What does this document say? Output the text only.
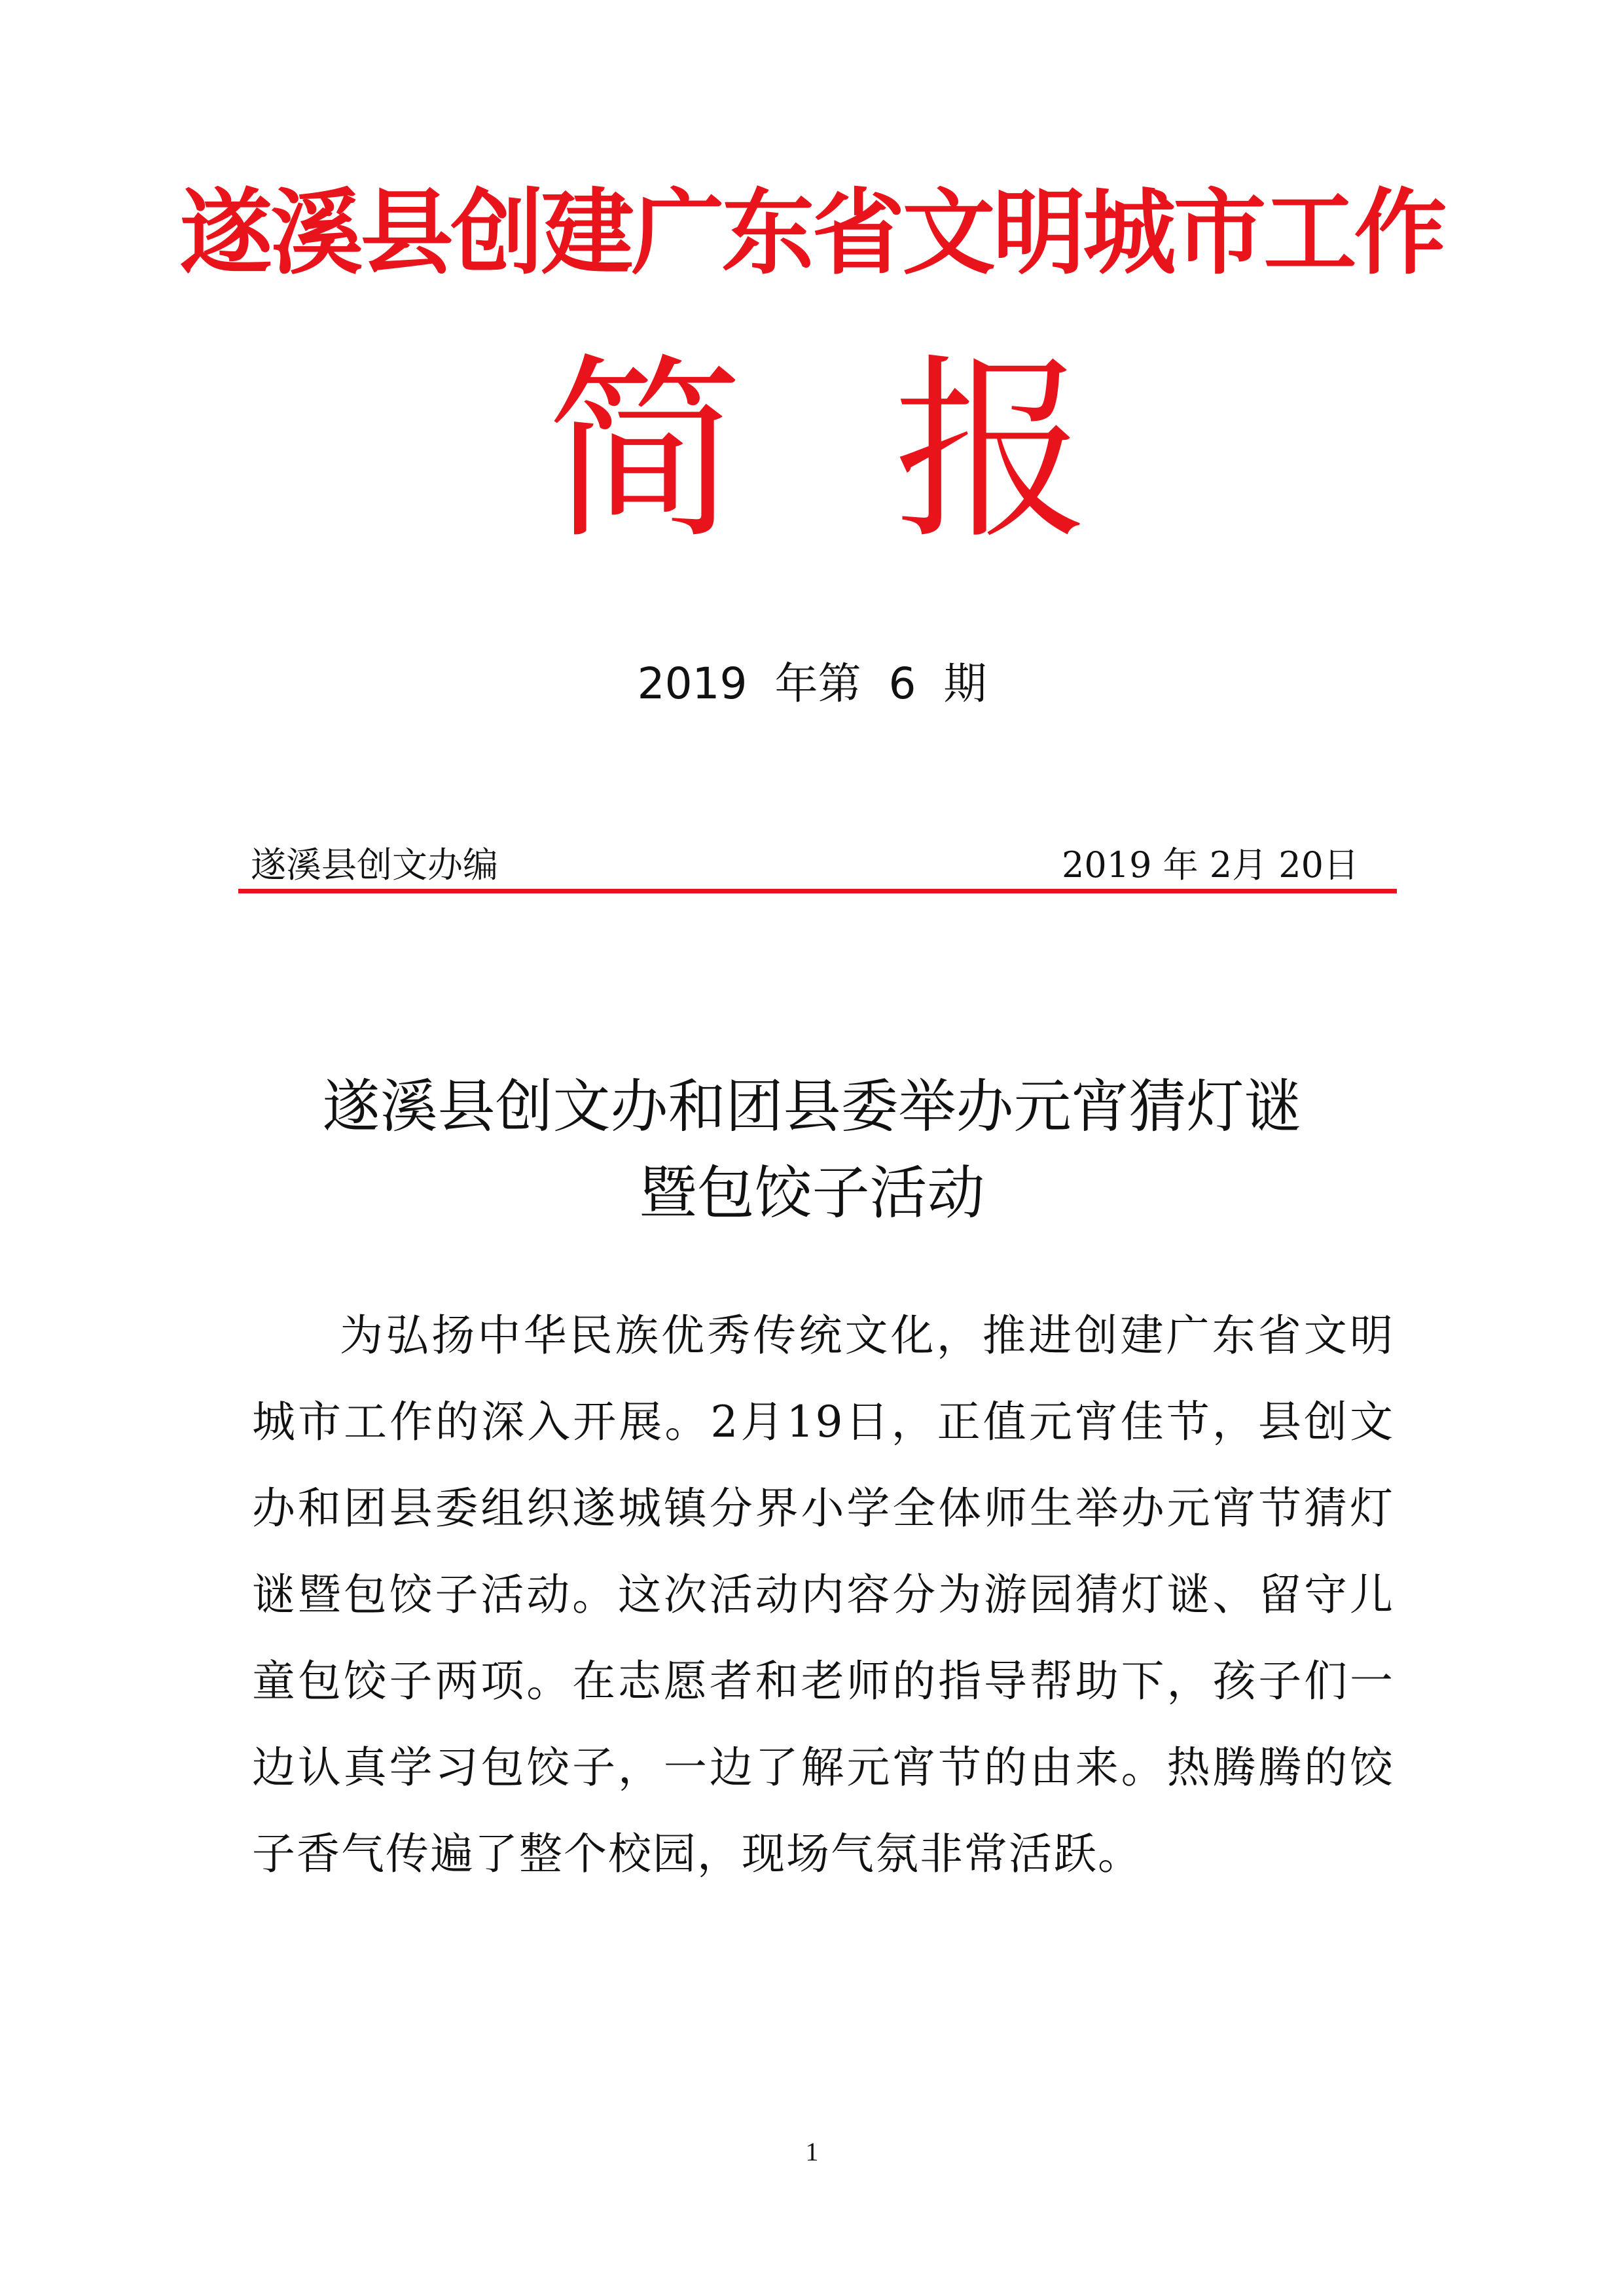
遂溪县创建广东省文明城市工作
简 报
2019  年第  6  期
遂溪县创文办编	2019 年 2月 20日
遂溪县创文办和团县委举办元宵猜灯谜
暨包饺子活动
为弘扬中华民族优秀传统文化，推进创建广东省文明城市工作的深入开展。2月19日，正值元宵佳节，县创文办和团县委组织遂城镇分界小学全体师生举办元宵节猜灯谜暨包饺子活动。这次活动内容分为游园猜灯谜、留守儿童包饺子两项。在志愿者和老师的指导帮助下，孩子们一边认真学习包饺子，一边了解元宵节的由来。热腾腾的饺子香气传遍了整个校园，现场气氛非常活跃。
1
